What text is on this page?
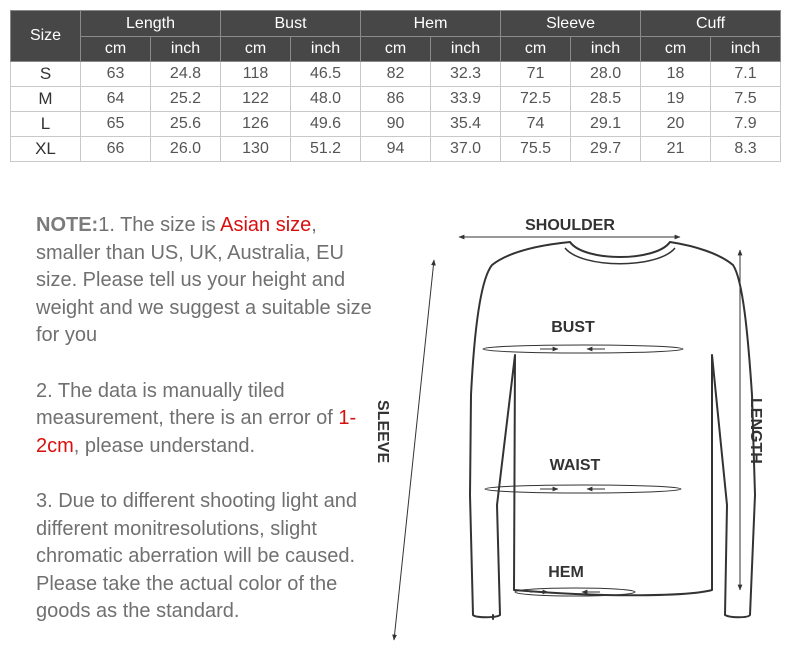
Size	Length		Bust		Hem		Sleeve		Cuff	
	cm	inch	cm	inch	cm	inch	cm	inch	cm	inch
S	63	24.8	118	46.5	82	32.3	71	28.0	18	7.1
M	64	25.2	122	48.0	86	33.9	72.5	28.5	19	7.5
L	65	25.6	126	49.6	90	35.4	74	29.1	20	7.9
XL	66	26.0	130	51.2	94	37.0	75.5	29.7	21	8.3

NOTE:1. The size is Asian size, smaller than US, UK, Australia, EU size. Please tell us your height and weight and we suggest a suitable size for you

2. The data is manually tiled measurement, there is an error of 1-2cm, please understand.

3. Due to different shooting light and different monitresolutions, slight chromatic aberration will be caused. Please take the actual color of the goods as the standard.

SHOULDER
BUST
WAIST
HEM
SLEEVE	LENGTH
